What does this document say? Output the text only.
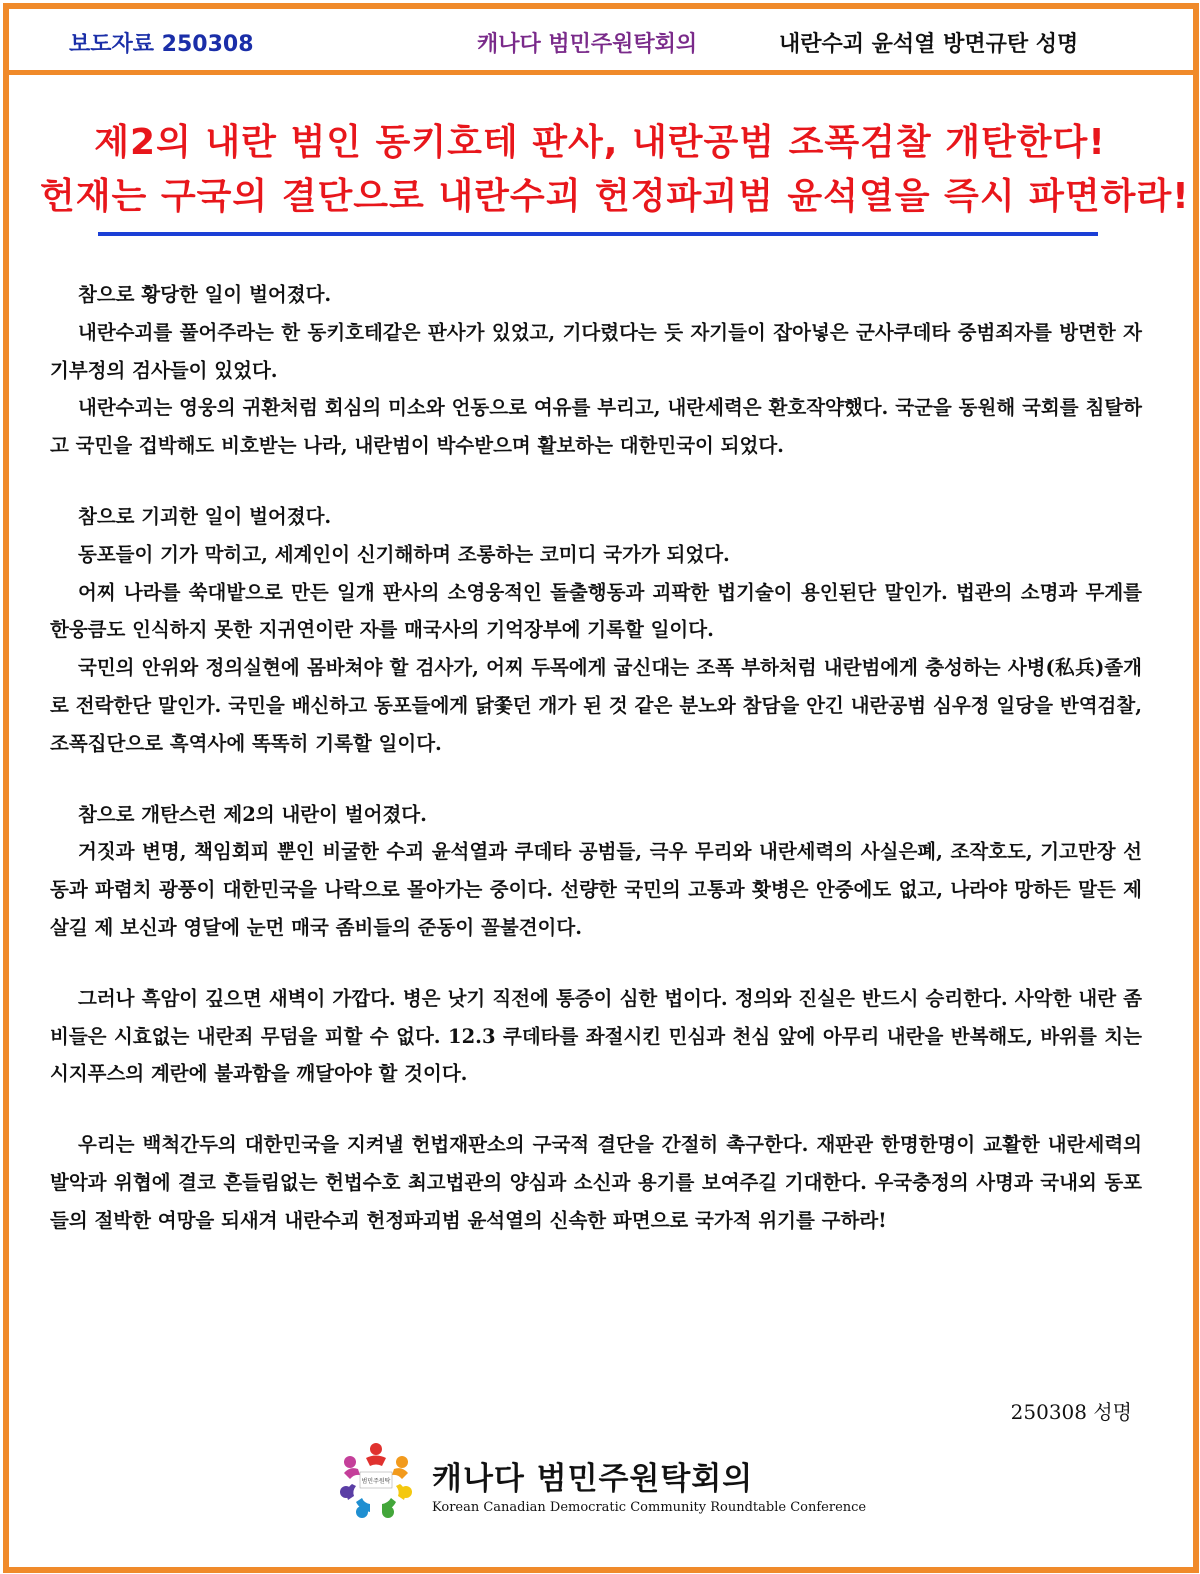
보도자료 250308	캐나다 범민주원탁회의	내란수괴 윤석열 방면규탄 성명
제2의 내란 범인 동키호테 판사, 내란공범 조폭검찰 개탄한다!
헌재는 구국의 결단으로 내란수괴 헌정파괴범 윤석열을 즉시 파면하라!

참으로 황당한 일이 벌어졌다.

내란수괴를 풀어주라는 한 동키호테같은 판사가 있었고, 기다렸다는 듯 자기들이 잡아넣은 군사쿠데타 중범죄자를 방면한 자기부정의 검사들이 있었다.

내란수괴는 영웅의 귀환처럼 회심의 미소와 언동으로 여유를 부리고, 내란세력은 환호작약했다. 국군을 동원해 국회를 침탈하고 국민을 겁박해도 비호받는 나라, 내란범이 박수받으며 활보하는 대한민국이 되었다.

참으로 기괴한 일이 벌어졌다.

동포들이 기가 막히고, 세계인이 신기해하며 조롱하는 코미디 국가가 되었다.

어찌 나라를 쑥대밭으로 만든 일개 판사의 소영웅적인 돌출행동과 괴팍한 법기술이 용인된단 말인가. 법관의 소명과 무게를 한웅큼도 인식하지 못한 지귀연이란 자를 매국사의 기억장부에 기록할 일이다.

국민의 안위와 정의실현에 몸바쳐야 할 검사가, 어찌 두목에게 굽신대는 조폭 부하처럼 내란범에게 충성하는 사병(私兵)졸개로 전락한단 말인가. 국민을 배신하고 동포들에게 닭쫓던 개가 된 것 같은 분노와 참담을 안긴 내란공범 심우정 일당을 반역검찰, 조폭집단으로 흑역사에 똑똑히 기록할 일이다.

참으로 개탄스런 제2의 내란이 벌어졌다.

거짓과 변명, 책임회피 뿐인 비굴한 수괴 윤석열과 쿠데타 공범들, 극우 무리와 내란세력의 사실은폐, 조작호도, 기고만장 선동과 파렴치 광풍이 대한민국을 나락으로 몰아가는 중이다. 선량한 국민의 고통과 홧병은 안중에도 없고, 나라야 망하든 말든 제 살길 제 보신과 영달에 눈먼 매국 좀비들의 준동이 꼴불견이다.

그러나 흑암이 깊으면 새벽이 가깝다. 병은 낫기 직전에 통증이 심한 법이다. 정의와 진실은 반드시 승리한다. 사악한 내란 좀비들은 시효없는 내란죄 무덤을 피할 수 없다. 12.3 쿠데타를 좌절시킨 민심과 천심 앞에 아무리 내란을 반복해도, 바위를 치는 시지푸스의 계란에 불과함을 깨달아야 할 것이다.

우리는 백척간두의 대한민국을 지켜낼 헌법재판소의 구국적 결단을 간절히 촉구한다. 재판관 한명한명이 교활한 내란세력의 발악과 위협에 결코 흔들림없는 헌법수호 최고법관의 양심과 소신과 용기를 보여주길 기대한다. 우국충정의 사명과 국내외 동포들의 절박한 여망을 되새겨 내란수괴 헌정파괴범 윤석열의 신속한 파면으로 국가적 위기를 구하라!

250308 성명
범민주원탁 캐나다 범민주원탁회의
Korean Canadian Democratic Community Roundtable Conference
